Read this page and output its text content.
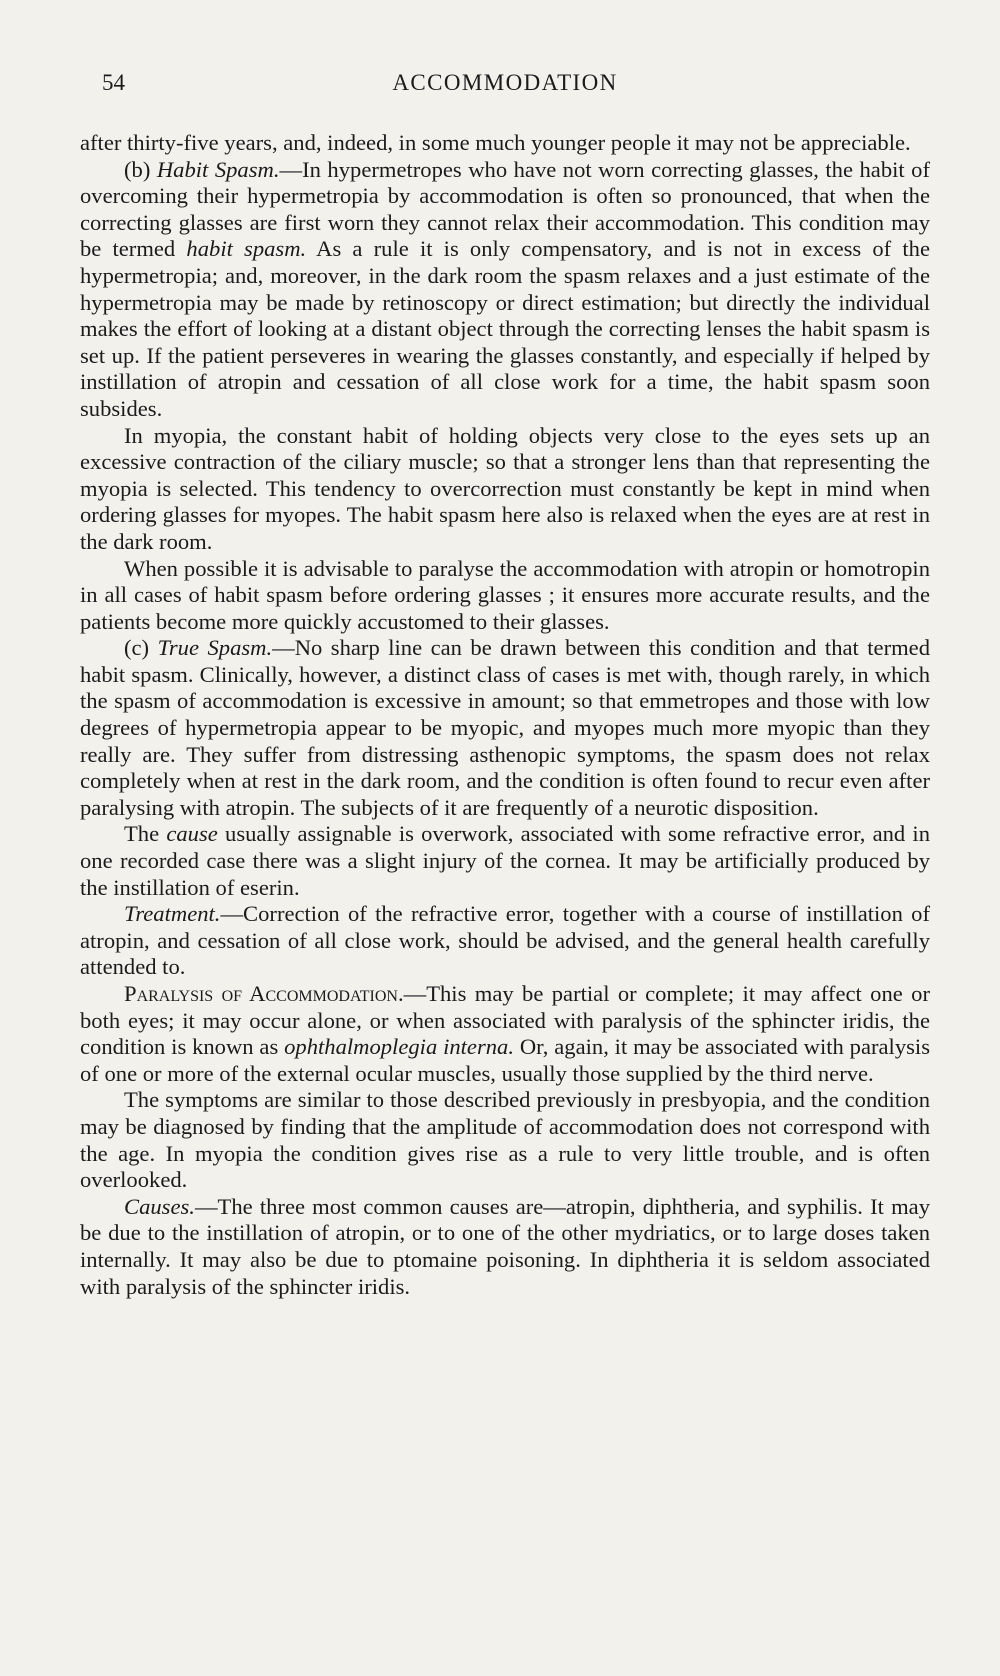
54	ACCOMMODATION

after thirty-five years, and, indeed, in some much younger people it may not be appreciable.

(b) Habit Spasm.—In hypermetropes who have not worn correcting glasses, the habit of overcoming their hypermetropia by accommodation is often so pronounced, that when the correcting glasses are first worn they cannot relax their accommodation. This condition may be termed habit spasm. As a rule it is only compensatory, and is not in excess of the hypermetropia; and, moreover, in the dark room the spasm relaxes and a just estimate of the hypermetropia may be made by retinoscopy or direct estimation; but directly the individual makes the effort of looking at a distant object through the correcting lenses the habit spasm is set up. If the patient perseveres in wearing the glasses constantly, and especially if helped by instillation of atropin and cessation of all close work for a time, the habit spasm soon subsides.

In myopia, the constant habit of holding objects very close to the eyes sets up an excessive contraction of the ciliary muscle; so that a stronger lens than that representing the myopia is selected. This tendency to overcorrection must constantly be kept in mind when ordering glasses for myopes. The habit spasm here also is relaxed when the eyes are at rest in the dark room.

When possible it is advisable to paralyse the accommodation with atropin or homotropin in all cases of habit spasm before ordering glasses ; it ensures more accurate results, and the patients become more quickly accustomed to their glasses.

(c) True Spasm.—No sharp line can be drawn between this condition and that termed habit spasm. Clinically, however, a distinct class of cases is met with, though rarely, in which the spasm of accommodation is excessive in amount; so that emmetropes and those with low degrees of hypermetropia appear to be myopic, and myopes much more myopic than they really are. They suffer from distressing asthenopic symptoms, the spasm does not relax completely when at rest in the dark room, and the condition is often found to recur even after paralysing with atropin. The subjects of it are frequently of a neurotic disposition.

The cause usually assignable is overwork, associated with some refractive error, and in one recorded case there was a slight injury of the cornea. It may be artificially produced by the instillation of eserin.

Treatment.—Correction of the refractive error, together with a course of instillation of atropin, and cessation of all close work, should be advised, and the general health carefully attended to.

Paralysis of Accommodation.—This may be partial or complete; it may affect one or both eyes; it may occur alone, or when associated with paralysis of the sphincter iridis, the condition is known as ophthalmoplegia interna. Or, again, it may be associated with paralysis of one or more of the external ocular muscles, usually those supplied by the third nerve.

The symptoms are similar to those described previously in presbyopia, and the condition may be diagnosed by finding that the amplitude of accommodation does not correspond with the age. In myopia the condition gives rise as a rule to very little trouble, and is often overlooked.

Causes.—The three most common causes are—atropin, diphtheria, and syphilis. It may be due to the instillation of atropin, or to one of the other mydriatics, or to large doses taken internally. It may also be due to ptomaine poisoning. In diphtheria it is seldom associated with paralysis of the sphincter iridis.
